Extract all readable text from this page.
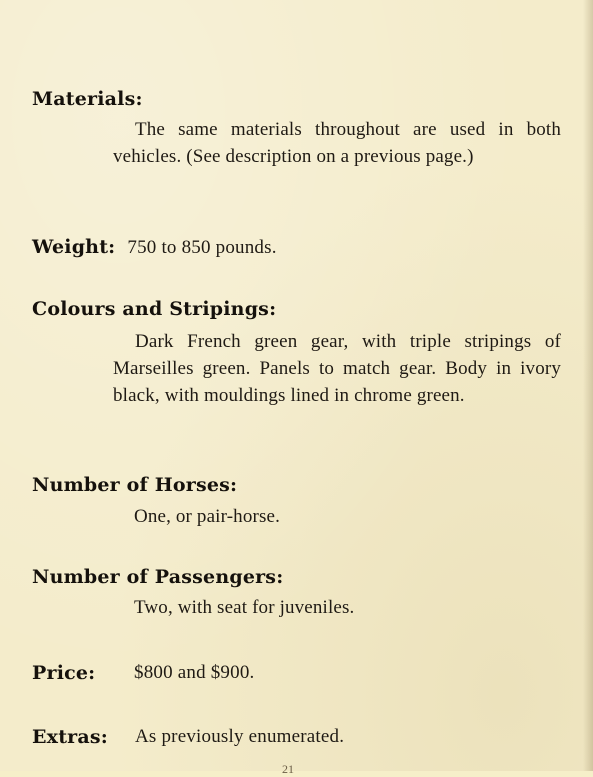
Materials:
The same materials throughout are used in both vehicles. (See description on a previous page.)
Weight: 750 to 850 pounds.
Colours and Stripings:
Dark French green gear, with triple stripings of Marseilles green. Panels to match gear. Body in ivory black, with mouldings lined in chrome green.
Number of Horses:
One, or pair-horse.
Number of Passengers:
Two, with seat for juveniles.
Price: $800 and $900.
Extras: As previously enumerated.
21
